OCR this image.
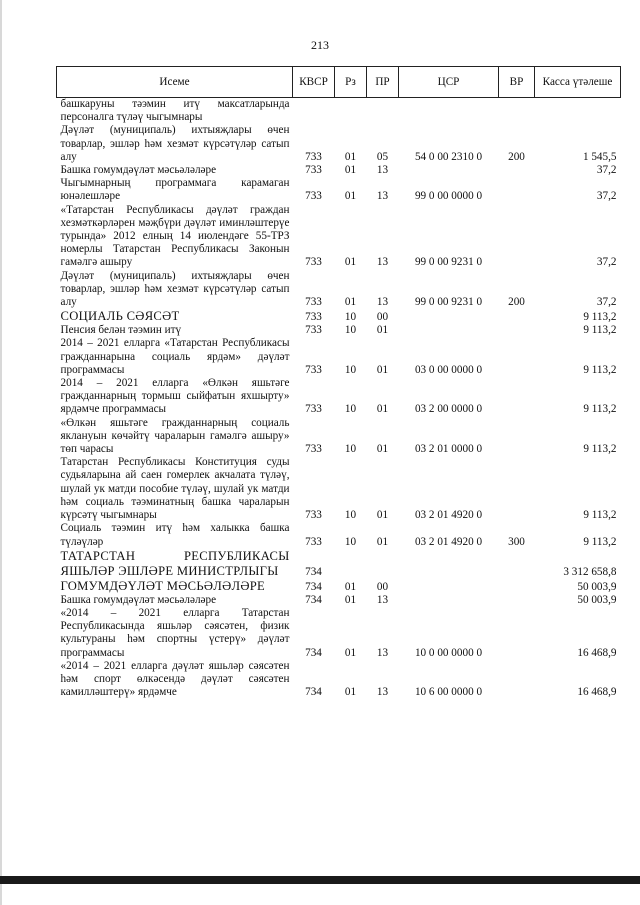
213
Исеме	КВСР	Рз	ПР	ЦСР	ВР	Касса үтәлеше
башкаруны тәэмин итү максатларында персоналга түләү чыгымнары						
Дәүләт (муниципаль) ихтыяҗлары өчен товарлар, эшләр һәм хезмәт күрсәтүләр сатып алу	733	01	05	54 0 00 2310 0	200	1 545,5
Башка гомумдәүләт мәсьәләләре	733	01	13			37,2
Чыгымнарның программага карамаган юнәлешләре	733	01	13	99 0 00 0000 0		37,2
«Татарстан Республикасы дәүләт граждан хезмәткәрләрен мәҗбүри дәүләт иминләштерүе турында» 2012 елның 14 июлендәге 55-ТРЗ номерлы Татарстан Республикасы Законын гамәлгә ашыру	733	01	13	99 0 00 9231 0		37,2
Дәүләт (муниципаль) ихтыяҗлары өчен товарлар, эшләр һәм хезмәт күрсәтүләр сатып алу	733	01	13	99 0 00 9231 0	200	37,2
СОЦИАЛЬ СӘЯСӘТ	733	10	00			9 113,2
Пенсия белән тәэмин итү	733	10	01			9 113,2
2014 – 2021 елларга «Татарстан Республикасы гражданнарына социаль ярдәм» дәүләт программасы	733	10	01	03 0 00 0000 0		9 113,2
2014 – 2021 елларга «Өлкән яшьтәге гражданнарның тормыш сыйфатын яхшырту» ярдәмче программасы	733	10	01	03 2 00 0000 0		9 113,2
«Өлкән яшьтәге гражданнарның социаль яклануын көчәйтү чараларын гамәлгә ашыру» төп чарасы	733	10	01	03 2 01 0000 0		9 113,2
Татарстан Республикасы Конституция суды судьяларына ай саен гомерлек акчалата түләү, шулай ук матди пособие түләү, шулай ук матди һәм социаль тәэминатның башка чараларын күрсәтү чыгымнары	733	10	01	03 2 01 4920 0		9 113,2
Социаль тәэмин итү һәм халыкка башка түләүләр	733	10	01	03 2 01 4920 0	300	9 113,2
ТАТАРСТАН РЕСПУБЛИКАСЫ ЯШЬЛӘР ЭШЛӘРЕ МИНИСТРЛЫГЫ	734					3 312 658,8
ГОМУМДӘҮЛӘТ МӘСЬӘЛӘЛӘРЕ	734	01	00			50 003,9
Башка гомумдәүләт мәсьәләләре	734	01	13			50 003,9
«2014 – 2021 елларга Татарстан Республикасында яшьләр сәясәтен, физик культураны һәм спортны үстерү» дәүләт программасы	734	01	13	10 0 00 0000 0		16 468,9
«2014 – 2021 елларга дәүләт яшьләр сәясәтен һәм спорт өлкәсендә дәүләт сәясәтен камилләштерү» ярдәмче	734	01	13	10 6 00 0000 0		16 468,9
